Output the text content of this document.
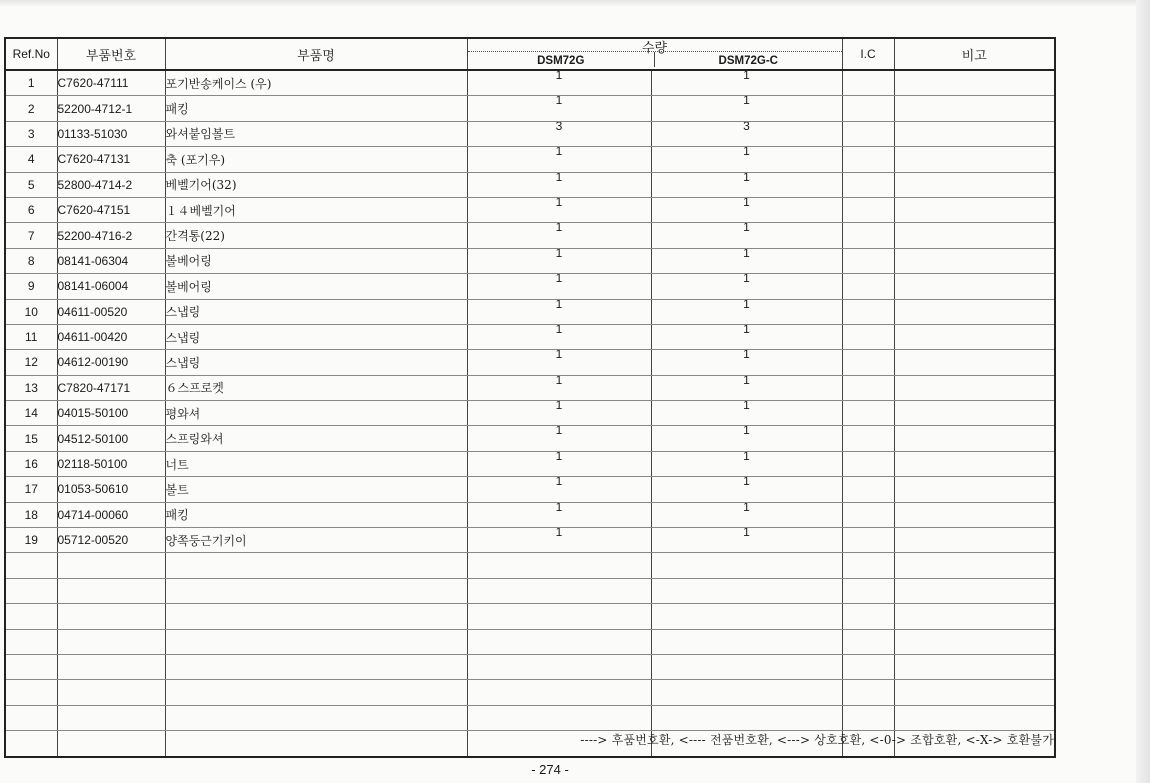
Ref.No	부품번호	부품명	수량
DSM72G DSM72G-C		I.C	비고
1	C7620-47111	포기반송케이스 (우)	1	1		

2	52200-4712-1	패킹	1	1		

3	01133-51030	와셔붙임볼트	3	3		

4	C7620-47131	축 (포기우)	1	1		

5	52800-4714-2	베벨기어(32)	1	1		

6	C7620-47151	１４베벨기어	1	1		

7	52200-4716-2	간격통(22)	1	1		

8	08141-06304	볼베어링	1	1		

9	08141-06004	볼베어링	1	1		

10	04611-00520	스냅링	1	1		

11	04611-00420	스냅링	1	1		

12	04612-00190	스냅링	1	1		

13	C7820-47171	６스프로켓	1	1		

14	04015-50100	평와셔	1	1		

15	04512-50100	스프링와셔	1	1		

16	02118-50100	너트	1	1		

17	01053-50610	볼트	1	1		

18	04714-00060	패킹	1	1		

19	05712-00520	양쪽둥근기키이	1	1		

----> 후품번호환, <---- 전품번호환, <---> 상호호환, <-0-> 조합호환, <-X-> 호환불가
- 274 -
